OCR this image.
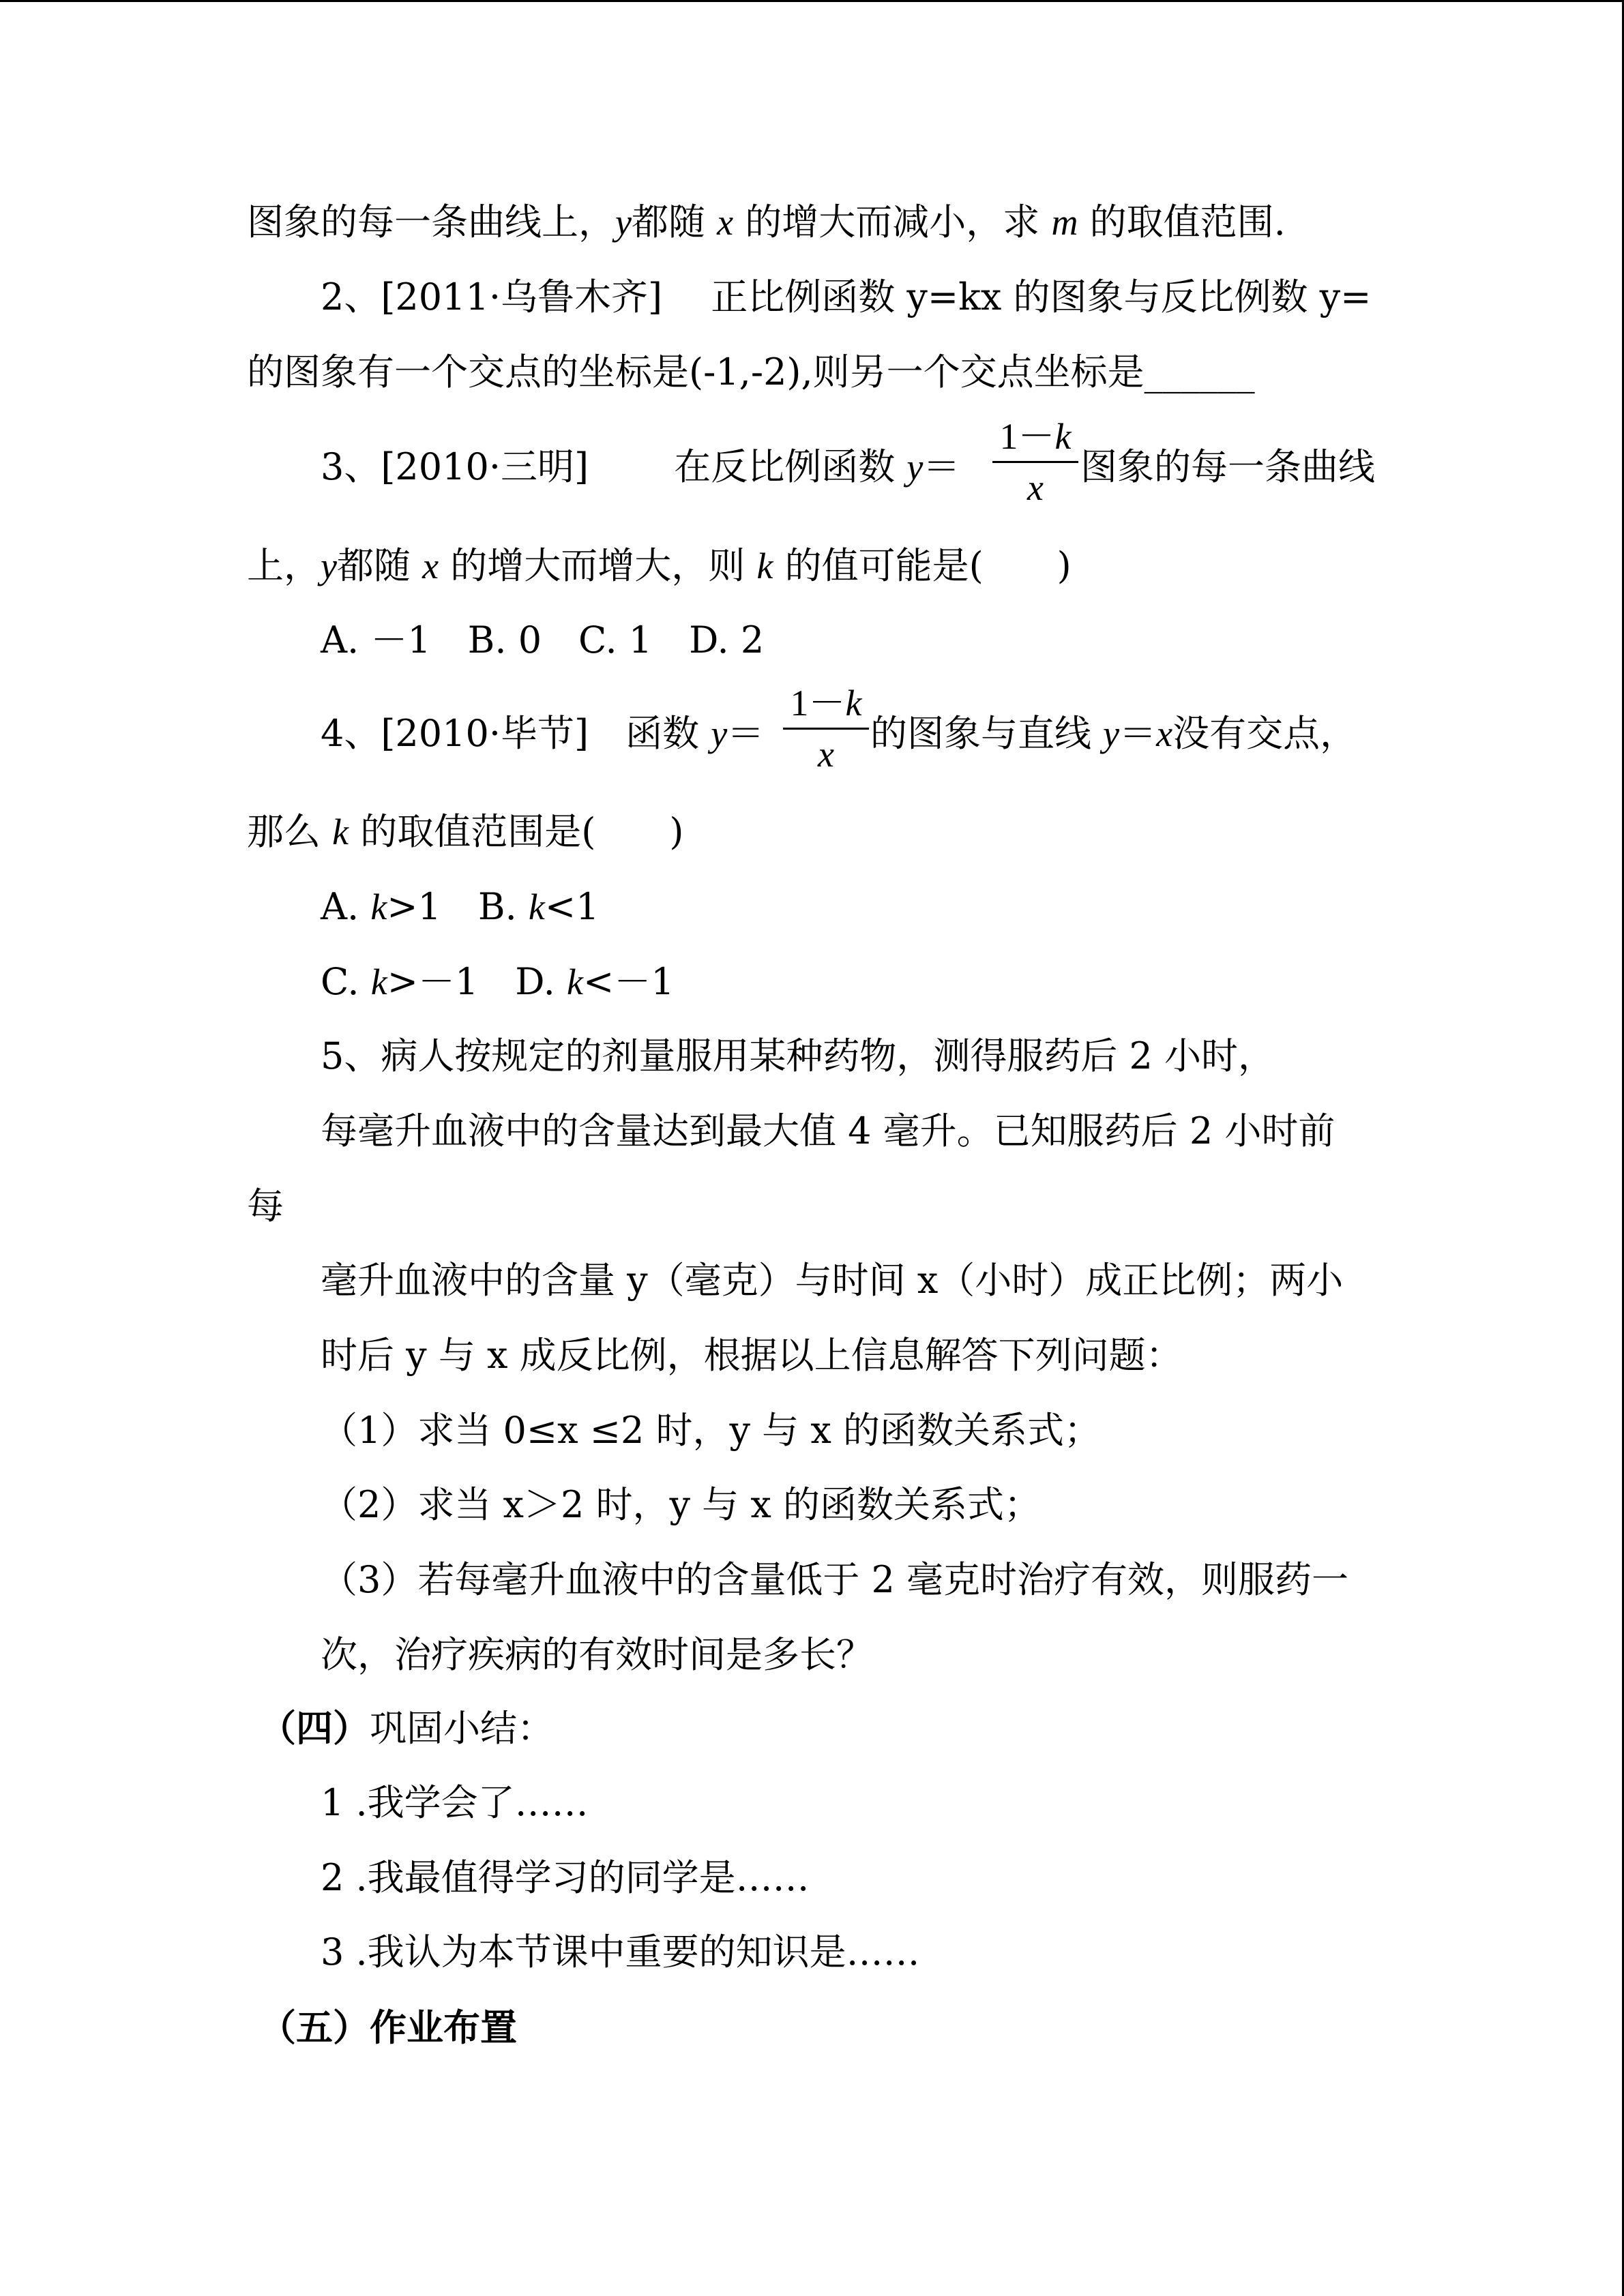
图象的每一条曲线上，y都随 x 的增大而减小，求 m 的取值范围.
2、[2011·乌鲁木齐]　 正比例函数 y=kx 的图象与反比例数 y=
的图象有一个交点的坐标是(-1,-2),则另一个交点坐标是______
3、[2010·三明]　　 在反比例函数 y＝
1－k
x	图象的每一条曲线
上，y都随 x 的增大而增大，则 k 的值可能是(　　)
A. －1　B. 0　C. 1　D. 2
4、[2010·毕节]　函数 y＝
1－k
x 的图象与直线 y＝x没有交点，
那么 k 的取值范围是(　　)
A. k>1　B. k<1
C. k>－1　D. k<－1
5、病人按规定的剂量服用某种药物，测得服药后 2 小时，
每毫升血液中的含量达到最大值 4 毫升。已知服药后 2 小时前
每
毫升血液中的含量 y（毫克）与时间 x（小时）成正比例；两小
时后 y 与 x 成反比例，根据以上信息解答下列问题：
（1）求当 0≤x ≤2 时，y 与 x 的函数关系式；
（2）求当 x＞2 时，y 与 x 的函数关系式；
（3）若每毫升血液中的含量低于 2 毫克时治疗有效，则服药一
次，治疗疾病的有效时间是多长？
（四）巩固小结：
1 .我学会了……
2 .我最值得学习的同学是……
3 .我认为本节课中重要的知识是……
（五）作业布置
